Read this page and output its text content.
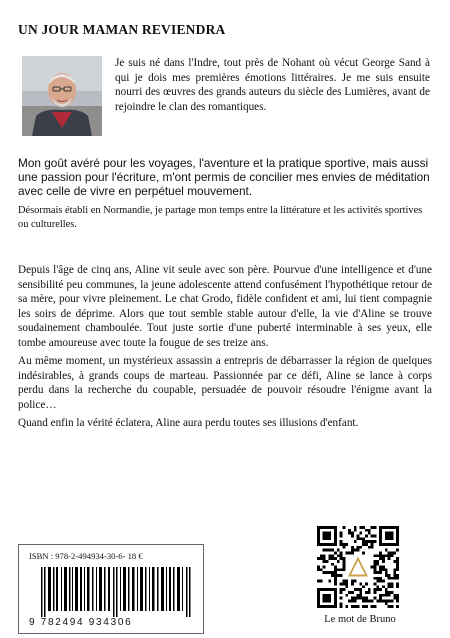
UN JOUR MAMAN REVIENDRA
Je suis né dans l'Indre, tout près de Nohant où vécut George Sand à qui je dois mes premières émotions littéraires. Je me suis ensuite nourri des œuvres des grands auteurs du siècle des Lumières, avant de rejoindre le clan des romantiques.
Mon goût avéré pour les voyages, l'aventure et la pratique sportive, mais aussi une passion pour l'écriture, m'ont permis de concilier mes envies de méditation avec celle de vivre en perpétuel mouvement.
Désormais établi en Normandie, je partage mon temps entre la littérature et les activités sportives ou culturelles.

Depuis l'âge de cinq ans, Aline vit seule avec son père. Pourvue d'une intelligence et d'une sensibilité peu communes, la jeune adolescente attend confusément l'hypothétique retour de sa mère, pour vivre pleinement. Le chat Grodo, fidèle confident et ami, lui tient compagnie les soirs de déprime. Alors que tout semble stable autour d'elle, la vie d'Aline se trouve soudainement chamboulée. Tout juste sortie d'une puberté interminable à ses yeux, elle tombe amoureuse avec toute la fougue de ses treize ans.

Au même moment, un mystérieux assassin a entrepris de débarrasser la région de quelques indésirables, à grands coups de marteau. Passionnée par ce défi, Aline se lance à corps perdu dans la recherche du coupable, persuadée de pouvoir résoudre l'énigme avant la police…

Quand enfin la vérité éclatera, Aline aura perdu toutes ses illusions d'enfant.

ISBN : 978-2-494934-30-6- 18 €
9 782494 934306	Le mot de Bruno
